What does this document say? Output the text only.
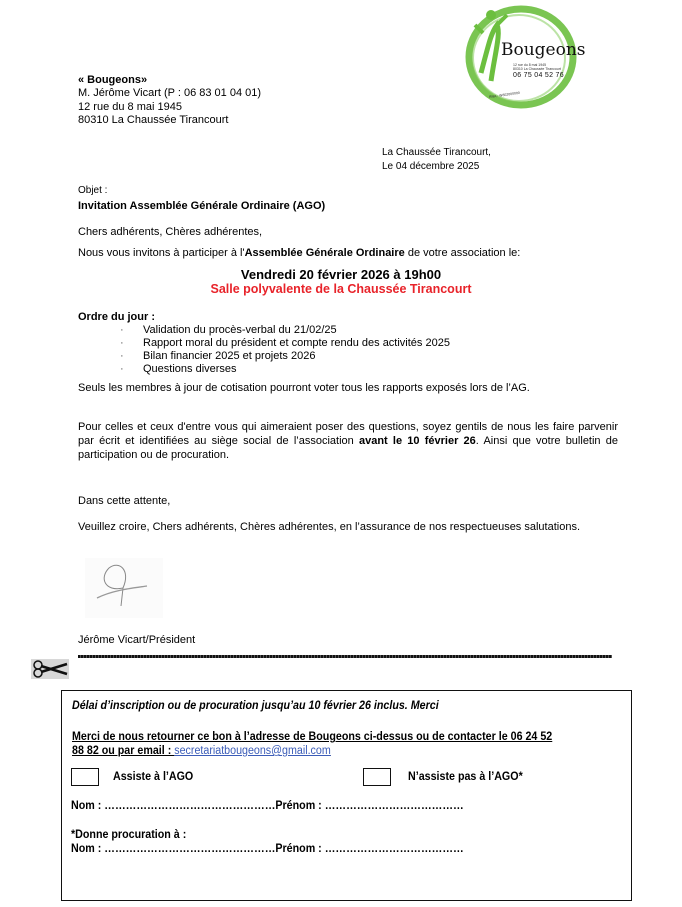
Bougeons
12 rue du 8 mai 1945
80310 La Chaussée Tirancourt
06 75 04 52 76
RNA : W802000000
« Bougeons»
M. Jérôme Vicart (P : 06 83 01 04 01)
12 rue du 8 mai 1945
80310 La Chaussée Tirancourt
La Chaussée Tirancourt,
Le 04 décembre 2025
Objet :
Invitation Assemblée Générale Ordinaire (AGO)
Chers adhérents, Chères adhérentes,
Nous vous invitons à participer à l'Assemblée Générale Ordinaire de votre association le:
Vendredi 20 février 2026 à 19h00
Salle polyvalente de la Chaussée Tirancourt
Ordre du jour :
· Validation du procès-verbal du 21/02/25
· Rapport moral du président et compte rendu des activités 2025
· Bilan financier 2025 et projets 2026
· Questions diverses
Seuls les membres à jour de cotisation pourront voter tous les rapports exposés lors de l’AG.
Pour celles et ceux d'entre vous qui aimeraient poser des questions, soyez gentils de nous les faire parvenir par écrit et identifiées au siège social de l’association avant le 10 février 26. Ainsi que votre bulletin de participation ou de procuration.
Dans cette attente,
Veuillez croire, Chers adhérents, Chères adhérentes, en l’assurance de nos respectueuses salutations.
Jérôme Vicart/Président
Délai d’inscription ou de procuration jusqu’au 10 février 26 inclus. Merci
Merci de nous retourner ce bon à l’adresse de Bougeons ci-dessus ou de contacter le 06 24 52
88 82 ou par email : secretariatbougeons@gmail.com
Assiste à l’AGO	N’assiste pas à l’AGO*
Nom : …………………………………………Prénom : …………………………………
*Donne procuration à :
Nom : …………………………………………Prénom : …………………………………
